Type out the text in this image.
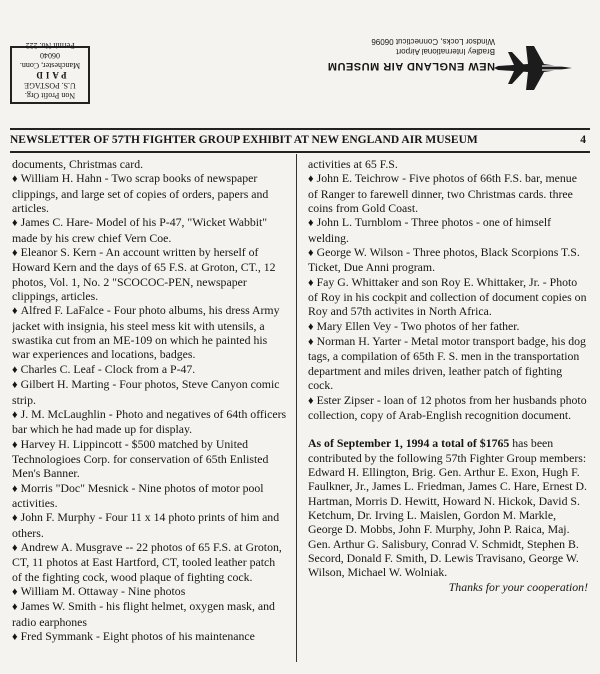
Non Profit Org.
U.S. POSTAGE
PAID
Manchester, Conn.
06040
Permit No. 222
NEW ENGLAND AIR MUSEUM
Bradley International Airport
Windsor Locks, Connecticut 06096
NEWSLETTER OF 57TH FIGHTER GROUP EXHIBIT AT NEW ENGLAND AIR MUSEUM	4

documents, Christmas card.

♦ William H. Hahn - Two scrap books of newspaper clippings, and large set of copies of orders, papers and articles.

♦ James C. Hare- Model of his P-47, "Wicket Wabbit" made by his crew chief Vern Coe.

♦ Eleanor S. Kern - An account written by herself of Howard Kern and the days of 65 F.S. at Groton, CT., 12 photos, Vol. 1, No. 2 "SCOCOC-PEN, newspaper clippings, articles.

♦ Alfred F. LaFalce - Four photo albums, his dress Army jacket with insignia, his steel mess kit with utensils, a swastika cut from an ME-109 on which he painted his war experiences and locations, badges.

♦ Charles C. Leaf - Clock from a P-47.

♦ Gilbert H. Marting - Four photos, Steve Canyon comic strip.

♦ J. M. McLaughlin - Photo and negatives of 64th officers bar which he had made up for display.

♦ Harvey H. Lippincott - $500 matched by United Technologioes Corp. for conservation of 65th Enlisted Men's Banner.

♦ Morris "Doc" Mesnick - Nine photos of motor pool activities.

♦ John F. Murphy - Four 11 x 14 photo prints of him and others.

♦ Andrew A. Musgrave -- 22 photos of 65 F.S. at Groton, CT, 11 photos at East Hartford, CT, tooled leather patch of the fighting cock, wood plaque of fighting cock.

♦ William M. Ottaway - Nine photos

♦ James W. Smith - his flight helmet, oxygen mask, and radio earphones

♦ Fred Symmank - Eight photos of his maintenance

activities at 65 F.S.

♦ John E. Teichrow - Five photos of 66th F.S. bar, menue of Ranger to farewell dinner, two Christmas cards. three coins from Gold Coast.

♦ John L. Turnblom - Three photos - one of himself welding.

♦ George W. Wilson - Three photos, Black Scorpions T.S. Ticket, Due Anni program.

♦ Fay G. Whittaker and son Roy E. Whittaker, Jr. - Photo of Roy in his cockpit and collection of document copies on Roy and 57th activites in North Africa.

♦ Mary Ellen Vey - Two photos of her father.

♦ Norman H. Yarter - Metal motor transport badge, his dog tags, a compilation of 65th F. S. men in the transportation department and miles driven, leather patch of fighting cock.

♦ Ester Zipser - loan of 12 photos from her husbands photo collection, copy of Arab-English recognition document.

As of September 1, 1994 a total of $1765 has been contributed by the following 57th Fighter Group members:

Edward H. Ellington, Brig. Gen. Arthur E. Exon, Hugh F. Faulkner, Jr., James L. Friedman, James C. Hare, Ernest D. Hartman, Morris D. Hewitt, Howard N. Hickok, David S. Ketchum, Dr. Irving L. Maislen, Gordon M. Markle, George D. Mobbs, John F. Murphy, John P. Raica, Maj. Gen. Arthur G. Salisbury, Conrad V. Schmidt, Stephen B. Secord, Donald F. Smith, D. Lewis Travisano, George W. Wilson, Michael W. Wolniak.

Thanks for your cooperation!
